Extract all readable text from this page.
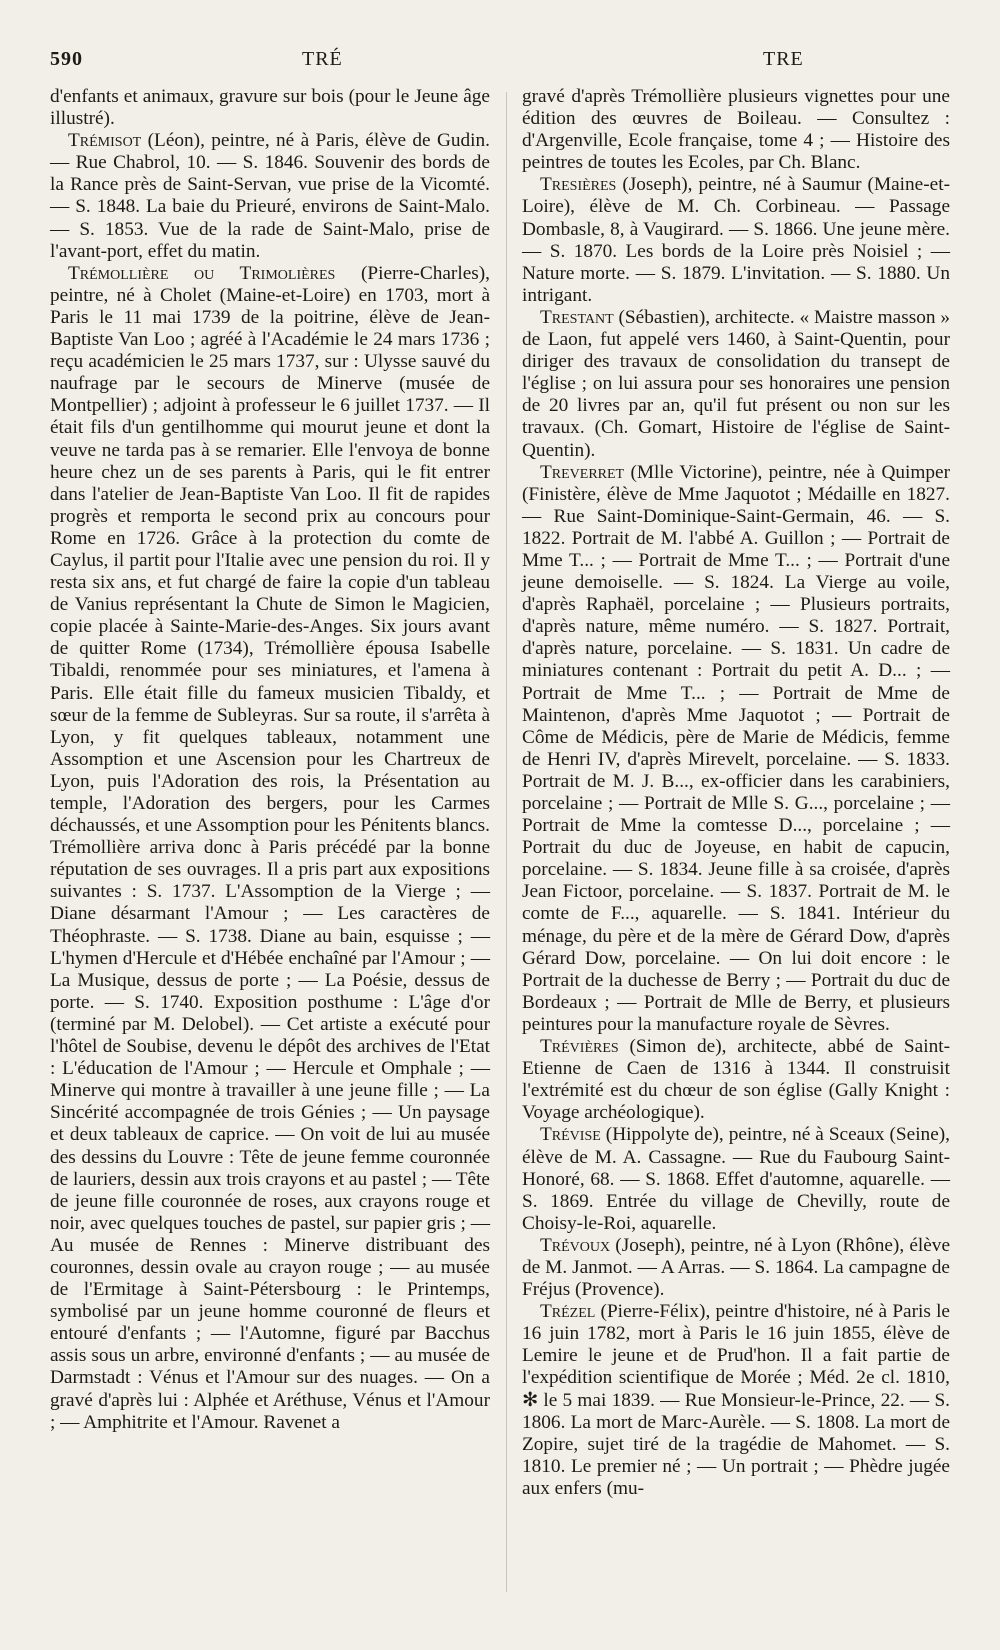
590	TRÉ	TRE

d'enfants et animaux, gravure sur bois (pour le Jeune âge illustré).

Trémisot (Léon), peintre, né à Paris, élève de Gudin. — Rue Chabrol, 10. — S. 1846. Souvenir des bords de la Rance près de Saint-Servan, vue prise de la Vicomté. — S. 1848. La baie du Prieuré, environs de Saint-Malo. — S. 1853. Vue de la rade de Saint-Malo, prise de l'avant-port, effet du matin.

Trémollière ou Trimolières (Pierre-Charles), peintre, né à Cholet (Maine-et-Loire) en 1703, mort à Paris le 11 mai 1739 de la poitrine, élève de Jean-Baptiste Van Loo ; agréé à l'Académie le 24 mars 1736 ; reçu académicien le 25 mars 1737, sur : Ulysse sauvé du naufrage par le secours de Minerve (musée de Montpellier) ; adjoint à professeur le 6 juillet 1737. — Il était fils d'un gentilhomme qui mourut jeune et dont la veuve ne tarda pas à se remarier. Elle l'envoya de bonne heure chez un de ses parents à Paris, qui le fit entrer dans l'atelier de Jean-Baptiste Van Loo. Il fit de rapides progrès et remporta le second prix au concours pour Rome en 1726. Grâce à la protection du comte de Caylus, il partit pour l'Italie avec une pension du roi. Il y resta six ans, et fut chargé de faire la copie d'un tableau de Vanius représentant la Chute de Simon le Magicien, copie placée à Sainte-Marie-des-Anges. Six jours avant de quitter Rome (1734), Trémollière épousa Isabelle Tibaldi, renommée pour ses miniatures, et l'amena à Paris. Elle était fille du fameux musicien Tibaldy, et sœur de la femme de Subleyras. Sur sa route, il s'arrêta à Lyon, y fit quelques tableaux, notamment une Assomption et une Ascension pour les Chartreux de Lyon, puis l'Adoration des rois, la Présentation au temple, l'Adoration des bergers, pour les Carmes déchaussés, et une Assomption pour les Pénitents blancs. Trémollière arriva donc à Paris précédé par la bonne réputation de ses ouvrages. Il a pris part aux expositions suivantes : S. 1737. L'Assomption de la Vierge ; — Diane désarmant l'Amour ; — Les caractères de Théophraste. — S. 1738. Diane au bain, esquisse ; — L'hymen d'Hercule et d'Hébée enchaîné par l'Amour ; — La Musique, dessus de porte ; — La Poésie, dessus de porte. — S. 1740. Exposition posthume : L'âge d'or (terminé par M. Delobel). — Cet artiste a exécuté pour l'hôtel de Soubise, devenu le dépôt des archives de l'Etat : L'éducation de l'Amour ; — Hercule et Omphale ; — Minerve qui montre à travailler à une jeune fille ; — La Sincérité accompagnée de trois Génies ; — Un paysage et deux tableaux de caprice. — On voit de lui au musée des dessins du Louvre : Tête de jeune femme couronnée de lauriers, dessin aux trois crayons et au pastel ; — Tête de jeune fille couronnée de roses, aux crayons rouge et noir, avec quelques touches de pastel, sur papier gris ; — Au musée de Rennes : Minerve distribuant des couronnes, dessin ovale au crayon rouge ; — au musée de l'Ermitage à Saint-Pétersbourg : le Printemps, symbolisé par un jeune homme couronné de fleurs et entouré d'enfants ; — l'Automne, figuré par Bacchus assis sous un arbre, environné d'enfants ; — au musée de Darmstadt : Vénus et l'Amour sur des nuages. — On a gravé d'après lui : Alphée et Aréthuse, Vénus et l'Amour ; — Amphitrite et l'Amour. Ravenet a

gravé d'après Trémollière plusieurs vignettes pour une édition des œuvres de Boileau. — Consultez : d'Argenville, Ecole française, tome 4 ; — Histoire des peintres de toutes les Ecoles, par Ch. Blanc.

Tresières (Joseph), peintre, né à Saumur (Maine-et-Loire), élève de M. Ch. Corbineau. — Passage Dombasle, 8, à Vaugirard. — S. 1866. Une jeune mère. — S. 1870. Les bords de la Loire près Noisiel ; — Nature morte. — S. 1879. L'invitation. — S. 1880. Un intrigant.

Trestant (Sébastien), architecte. « Maistre masson » de Laon, fut appelé vers 1460, à Saint-Quentin, pour diriger des travaux de consolidation du transept de l'église ; on lui assura pour ses honoraires une pension de 20 livres par an, qu'il fut présent ou non sur les travaux. (Ch. Gomart, Histoire de l'église de Saint-Quentin).

Treverret (Mlle Victorine), peintre, née à Quimper (Finistère, élève de Mme Jaquotot ; Médaille en 1827. — Rue Saint-Dominique-Saint-Germain, 46. — S. 1822. Portrait de M. l'abbé A. Guillon ; — Portrait de Mme T... ; — Portrait de Mme T... ; — Portrait d'une jeune demoiselle. — S. 1824. La Vierge au voile, d'après Raphaël, porcelaine ; — Plusieurs portraits, d'après nature, même numéro. — S. 1827. Portrait, d'après nature, porcelaine. — S. 1831. Un cadre de miniatures contenant : Portrait du petit A. D... ; — Portrait de Mme T... ; — Portrait de Mme de Maintenon, d'après Mme Jaquotot ; — Portrait de Côme de Médicis, père de Marie de Médicis, femme de Henri IV, d'après Mirevelt, porcelaine. — S. 1833. Portrait de M. J. B..., ex-officier dans les carabiniers, porcelaine ; — Portrait de Mlle S. G..., porcelaine ; — Portrait de Mme la comtesse D..., porcelaine ; — Portrait du duc de Joyeuse, en habit de capucin, porcelaine. — S. 1834. Jeune fille à sa croisée, d'après Jean Fictoor, porcelaine. — S. 1837. Portrait de M. le comte de F..., aquarelle. — S. 1841. Intérieur du ménage, du père et de la mère de Gérard Dow, d'après Gérard Dow, porcelaine. — On lui doit encore : le Portrait de la duchesse de Berry ; — Portrait du duc de Bordeaux ; — Portrait de Mlle de Berry, et plusieurs peintures pour la manufacture royale de Sèvres.

Trévières (Simon de), architecte, abbé de Saint-Etienne de Caen de 1316 à 1344. Il construisit l'extrémité est du chœur de son église (Gally Knight : Voyage archéologique).

Trévise (Hippolyte de), peintre, né à Sceaux (Seine), élève de M. A. Cassagne. — Rue du Faubourg Saint-Honoré, 68. — S. 1868. Effet d'automne, aquarelle. — S. 1869. Entrée du village de Chevilly, route de Choisy-le-Roi, aquarelle.

Trévoux (Joseph), peintre, né à Lyon (Rhône), élève de M. Janmot. — A Arras. — S. 1864. La campagne de Fréjus (Provence).

Trézel (Pierre-Félix), peintre d'histoire, né à Paris le 16 juin 1782, mort à Paris le 16 juin 1855, élève de Lemire le jeune et de Prud'hon. Il a fait partie de l'expédition scientifique de Morée ; Méd. 2e cl. 1810, ✻ le 5 mai 1839. — Rue Monsieur-le-Prince, 22. — S. 1806. La mort de Marc-Aurèle. — S. 1808. La mort de Zopire, sujet tiré de la tragédie de Mahomet. — S. 1810. Le premier né ; — Un portrait ; — Phèdre jugée aux enfers (mu-
